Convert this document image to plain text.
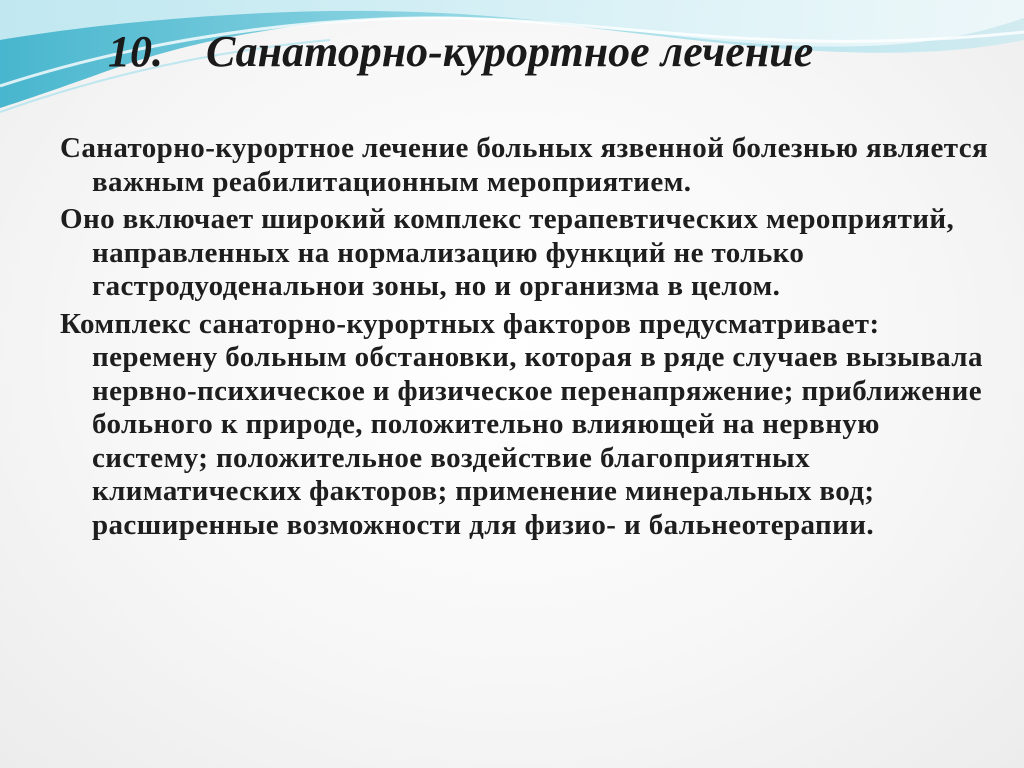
10. Санаторно-курортное лечение

Санаторно-курортное лечение больных язвенной болезнью является важным реабилитационным мероприятием.

Оно включает широкий комплекс терапевтических мероприятий, направленных на нормализацию функций не только гастродуоденальнои зоны, но и организма в целом.

Комплекс санаторно-курортных факторов предусматривает: перемену больным обстановки, которая в ряде случаев вызывала нервно-психическое и физическое перенапряжение; приближение больного к природе, положительно влияющей на нервную систему; положительное воздействие благоприятных климатических факторов; применение минеральных вод; расширенные возможности для физио- и бальнеотерапии.
